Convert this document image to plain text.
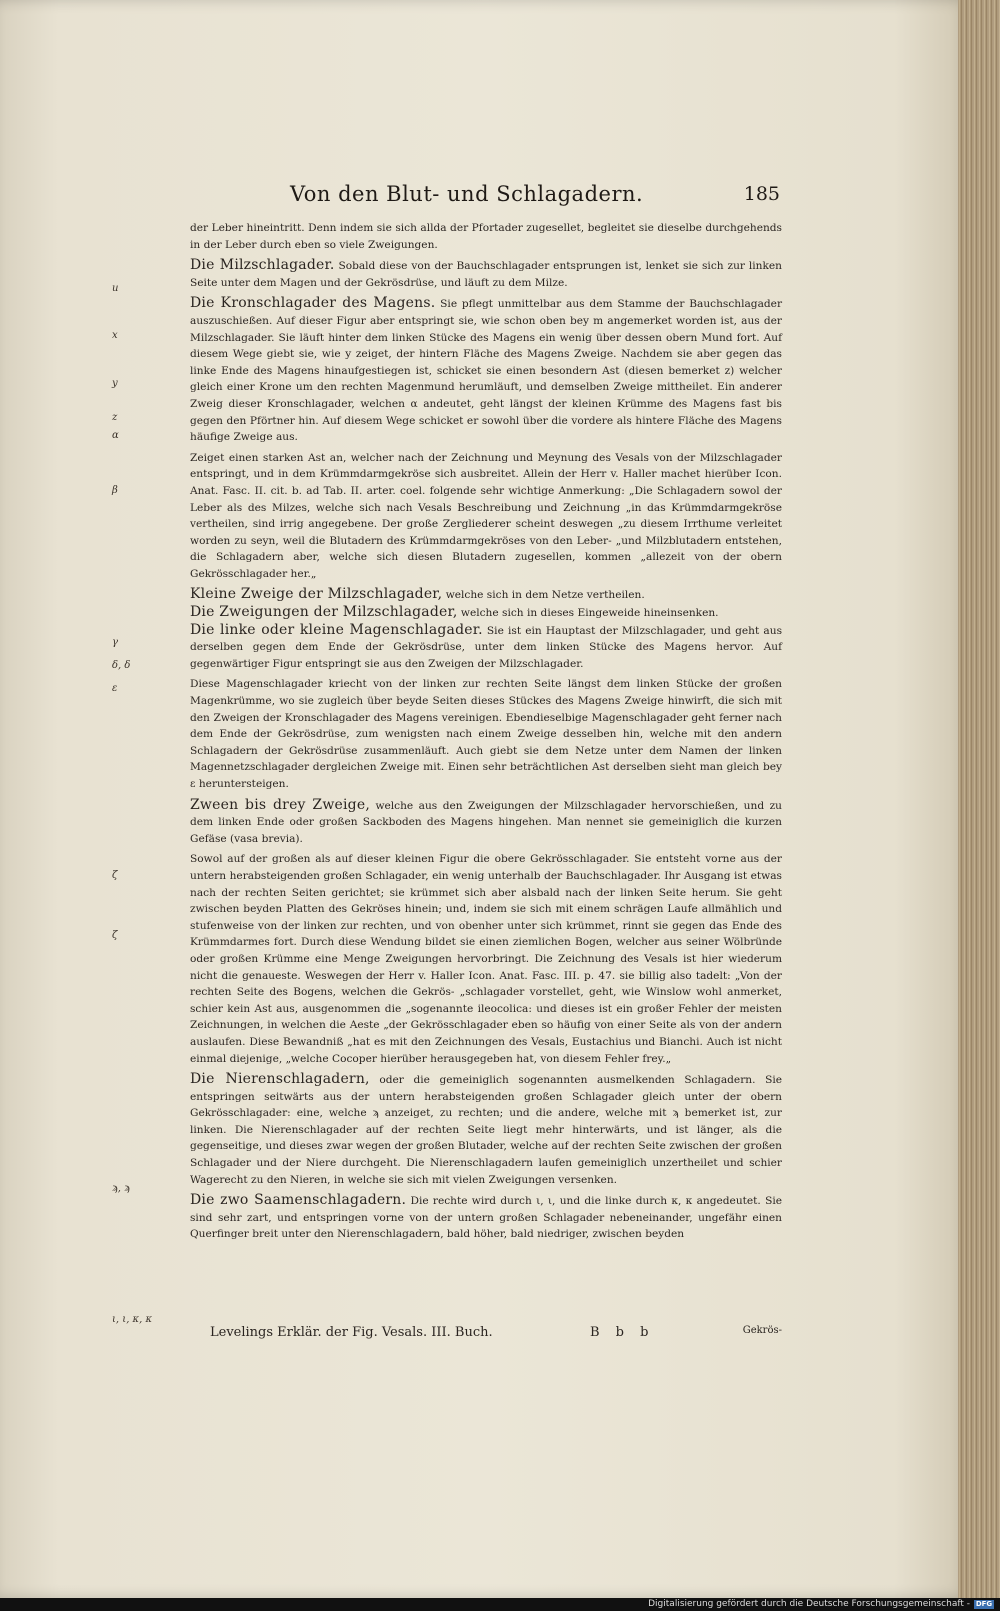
Von den Blut- und Schlagadern.	185

der Leber hineintritt. Denn indem sie sich allda der Pfortader zugesellet, begleitet sie dieselbe durchgehends in der Leber durch eben so viele Zweigungen.

Die Milzschlagader. Sobald diese von der Bauchschlagader entsprungen ist, lenket sie sich zur linken Seite unter dem Magen und der Gekrösdrüse, und läuft zu dem Milze.

Die Kronschlagader des Magens. Sie pflegt unmittelbar aus dem Stamme der Bauchschlagader auszuschießen. Auf dieser Figur aber entspringt sie, wie schon oben bey m angemerket worden ist, aus der Milzschlagader. Sie läuft hinter dem linken Stücke des Magens ein wenig über dessen obern Mund fort. Auf diesem Wege giebt sie, wie y zeiget, der hintern Fläche des Magens Zweige. Nachdem sie aber gegen das linke Ende des Magens hinaufgestiegen ist, schicket sie einen besondern Ast (diesen bemerket z) welcher gleich einer Krone um den rechten Magenmund herumläuft, und demselben Zweige mittheilet. Ein anderer Zweig dieser Kronschlagader, welchen α andeutet, geht längst der kleinen Krümme des Magens fast bis gegen den Pförtner hin. Auf diesem Wege schicket er sowohl über die vordere als hintere Fläche des Magens häufige Zweige aus.

Zeiget einen starken Ast an, welcher nach der Zeichnung und Meynung des Vesals von der Milzschlagader entspringt, und in dem Krümmdarmgekröse sich ausbreitet. Allein der Herr v. Haller machet hierüber Icon. Anat. Fasc. II. cit. b. ad Tab. II. arter. coel. folgende sehr wichtige Anmerkung: „Die Schlagadern sowol der Leber als des Milzes, welche sich nach Vesals Beschreibung und Zeichnung „in das Krümmdarmgekröse vertheilen, sind irrig angegebene. Der große Zergliederer scheint deswegen „zu diesem Irrthume verleitet worden zu seyn, weil die Blutadern des Krümmdarmgekröses von den Leber- „und Milzblutadern entstehen, die Schlagadern aber, welche sich diesen Blutadern zugesellen, kommen „allezeit von der obern Gekrösschlagader her.„

Kleine Zweige der Milzschlagader, welche sich in dem Netze vertheilen.

Die Zweigungen der Milzschlagader, welche sich in dieses Eingeweide hineinsenken.

Die linke oder kleine Magenschlagader. Sie ist ein Hauptast der Milzschlagader, und geht aus derselben gegen dem Ende der Gekrösdrüse, unter dem linken Stücke des Magens hervor. Auf gegenwärtiger Figur entspringt sie aus den Zweigen der Milzschlagader.

Diese Magenschlagader kriecht von der linken zur rechten Seite längst dem linken Stücke der großen Magenkrümme, wo sie zugleich über beyde Seiten dieses Stückes des Magens Zweige hinwirft, die sich mit den Zweigen der Kronschlagader des Magens vereinigen. Ebendieselbige Magenschlagader geht ferner nach dem Ende der Gekrösdrüse, zum wenigsten nach einem Zweige desselben hin, welche mit den andern Schlagadern der Gekrösdrüse zusammenläuft. Auch giebt sie dem Netze unter dem Namen der linken Magennetzschlagader dergleichen Zweige mit. Einen sehr beträchtlichen Ast derselben sieht man gleich bey ε heruntersteigen.

Zween bis drey Zweige, welche aus den Zweigungen der Milzschlagader hervorschießen, und zu dem linken Ende oder großen Sackboden des Magens hingehen. Man nennet sie gemeiniglich die kurzen Gefäse (vasa brevia).

Sowol auf der großen als auf dieser kleinen Figur die obere Gekrösschlagader. Sie entsteht vorne aus der untern herabsteigenden großen Schlagader, ein wenig unterhalb der Bauchschlagader. Ihr Ausgang ist etwas nach der rechten Seiten gerichtet; sie krümmet sich aber alsbald nach der linken Seite herum. Sie geht zwischen beyden Platten des Gekröses hinein; und, indem sie sich mit einem schrägen Laufe allmählich und stufenweise von der linken zur rechten, und von obenher unter sich krümmet, rinnt sie gegen das Ende des Krümmdarmes fort. Durch diese Wendung bildet sie einen ziemlichen Bogen, welcher aus seiner Wölbründe oder großen Krümme eine Menge Zweigungen hervorbringt. Die Zeichnung des Vesals ist hier wiederum nicht die genaueste. Weswegen der Herr v. Haller Icon. Anat. Fasc. III. p. 47. sie billig also tadelt: „Von der rechten Seite des Bogens, welchen die Gekrös- „schlagader vorstellet, geht, wie Winslow wohl anmerket, schier kein Ast aus, ausgenommen die „sogenannte ileocolica: und dieses ist ein großer Fehler der meisten Zeichnungen, in welchen die Aeste „der Gekrösschlagader eben so häufig von einer Seite als von der andern auslaufen. Diese Bewandniß „hat es mit den Zeichnungen des Vesals, Eustachius und Bianchi. Auch ist nicht einmal diejenige, „welche Cocoper hierüber herausgegeben hat, von diesem Fehler frey.„

Die Nierenschlagadern, oder die gemeiniglich sogenannten ausmelkenden Schlagadern. Sie entspringen seitwärts aus der untern herabsteigenden großen Schlagader gleich unter der obern Gekrösschlagader: eine, welche ϡ anzeiget, zu rechten; und die andere, welche mit ϡ bemerket ist, zur linken. Die Nierenschlagader auf der rechten Seite liegt mehr hinterwärts, und ist länger, als die gegenseitige, und dieses zwar wegen der großen Blutader, welche auf der rechten Seite zwischen der großen Schlagader und der Niere durchgeht. Die Nierenschlagadern laufen gemeiniglich unzertheilet und schier Wagerecht zu den Nieren, in welche sie sich mit vielen Zweigungen versenken.

Die zwo Saamenschlagadern. Die rechte wird durch ι, ι, und die linke durch κ, κ angedeutet. Sie sind sehr zart, und entspringen vorne von der untern großen Schlagader nebeneinander, ungefähr einen Querfinger breit unter den Nierenschlagadern, bald höher, bald niedriger, zwischen beyden

u
x
y
z
α
β
γ
δ, δ
ε
ζ
ζ
ϡ, ϡ
ι, ι, κ, κ
Levelings Erklär. der Fig. Vesals. III. Buch.	B b b	Gekrös-
Digitalisierung gefördert durch die Deutsche Forschungsgemeinschaft - DFG
